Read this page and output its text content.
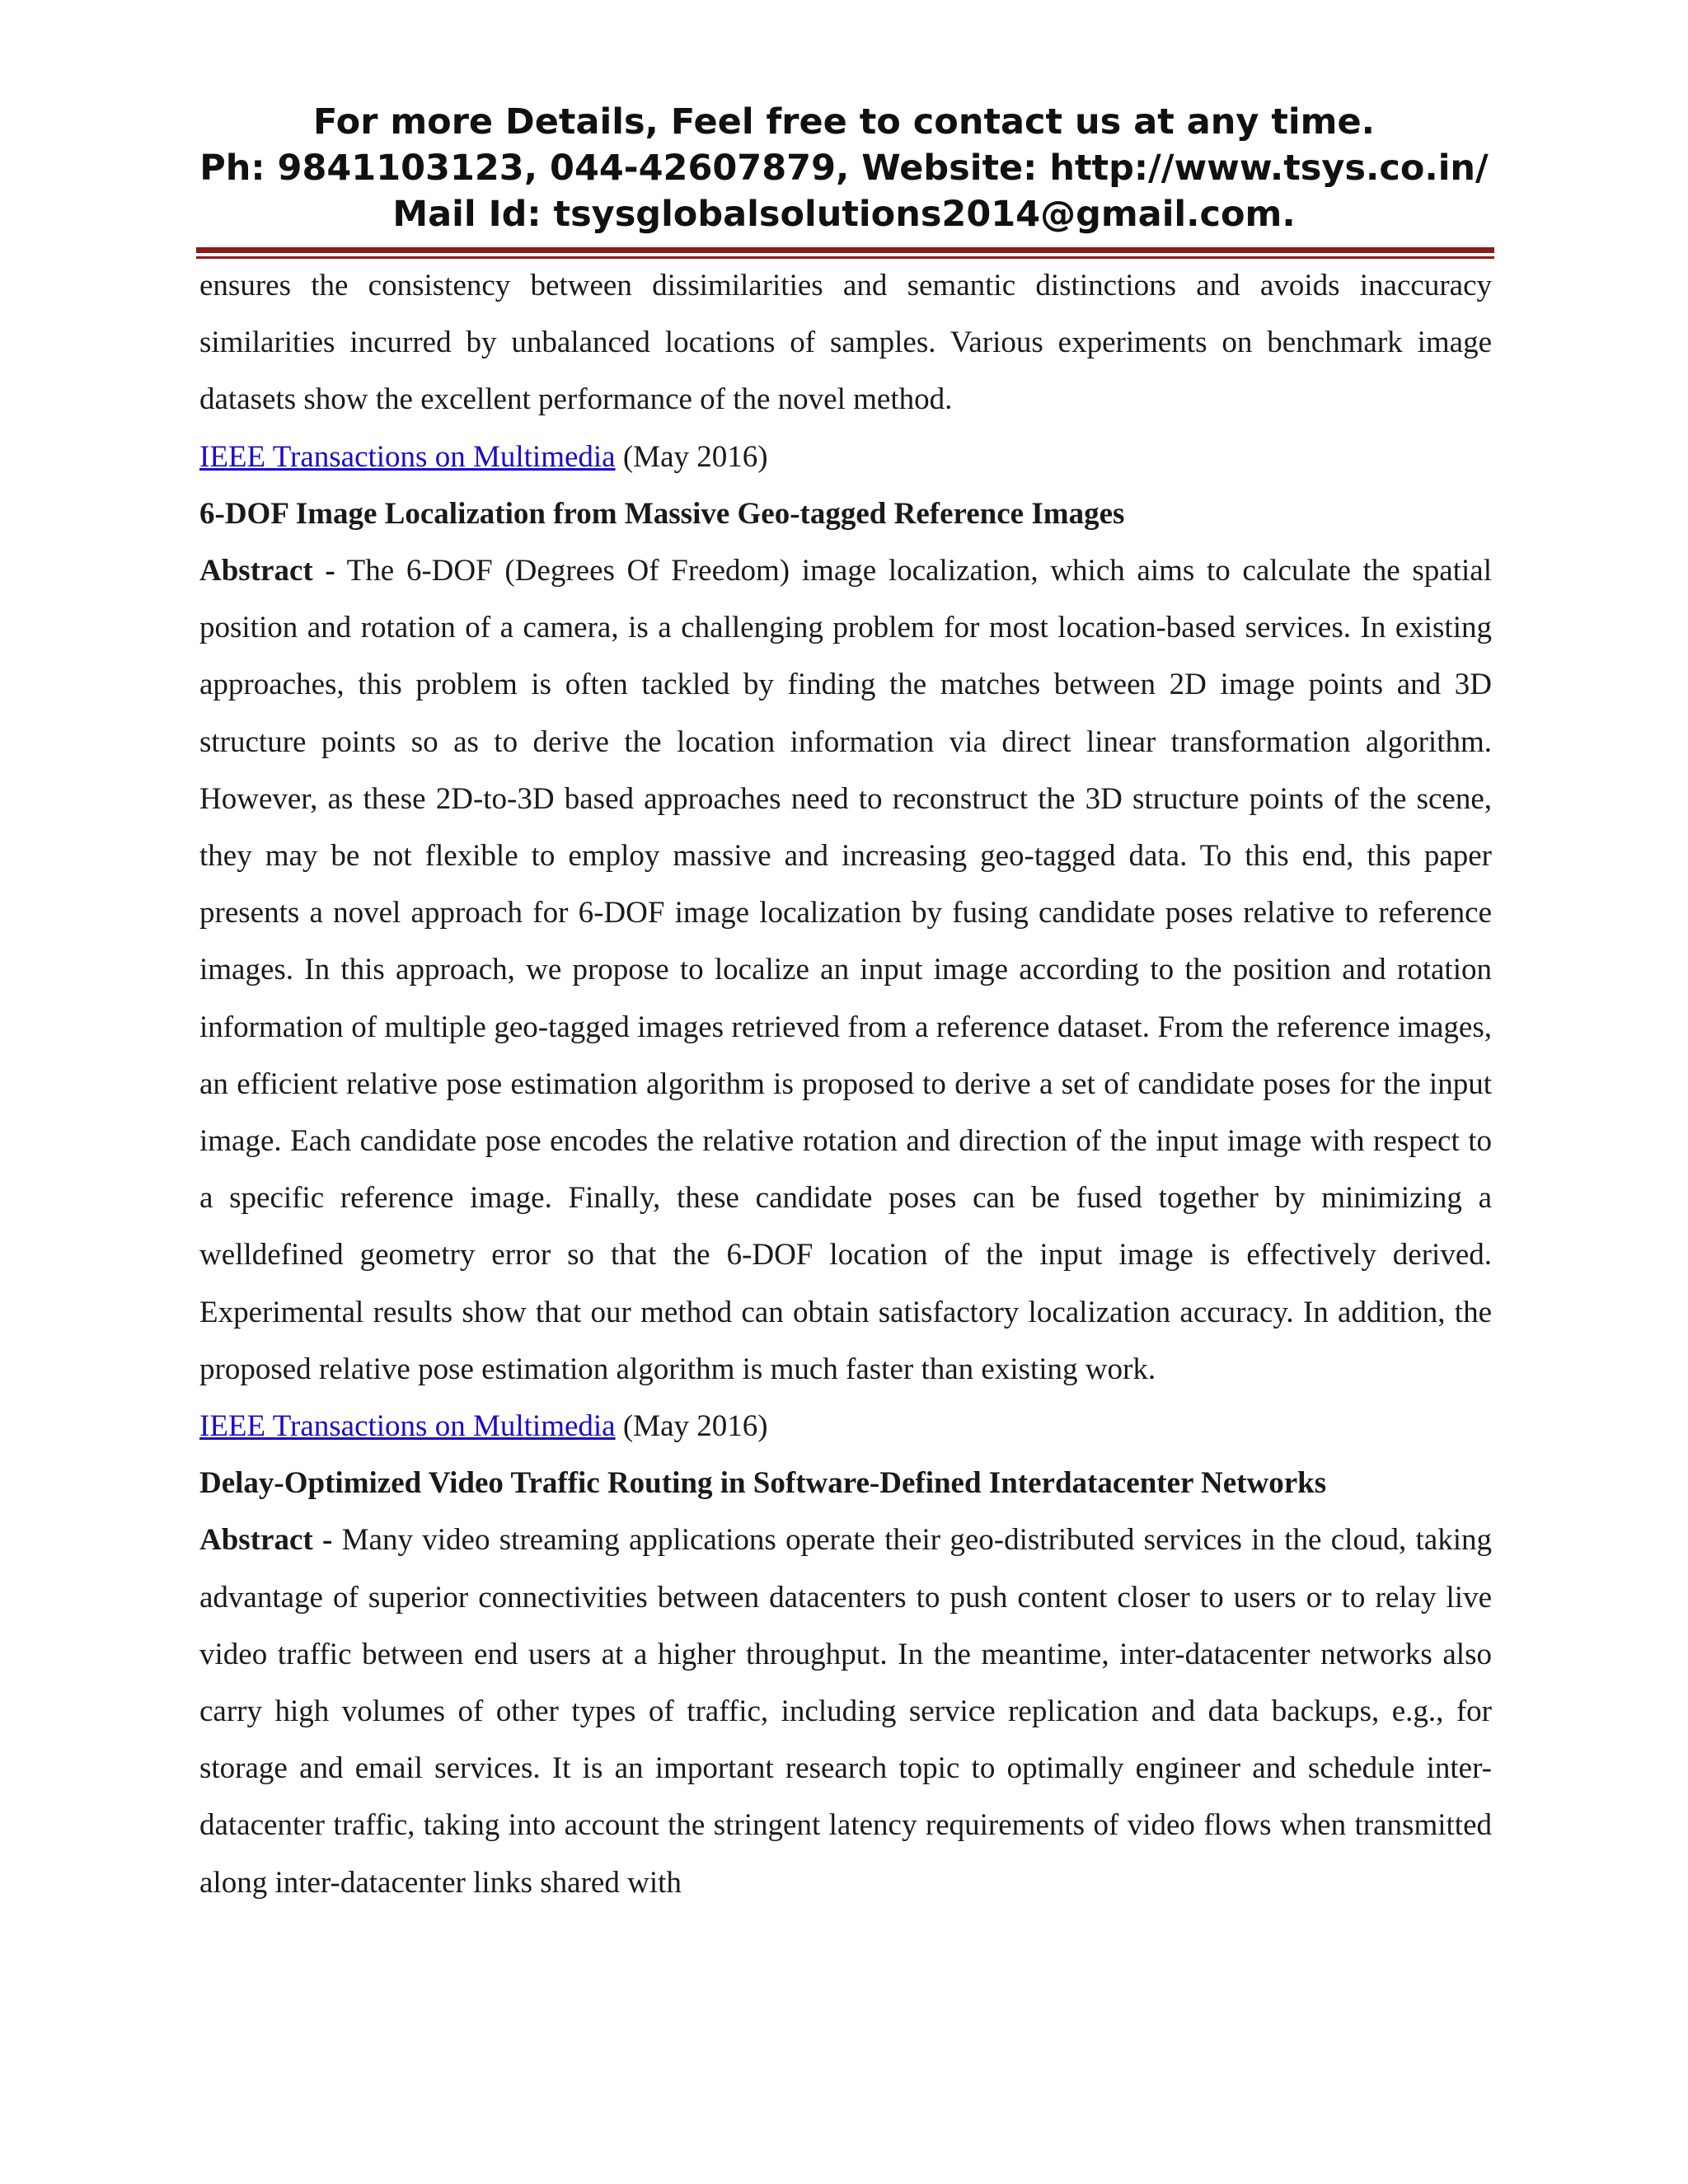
For more Details, Feel free to contact us at any time.
Ph: 9841103123, 044-42607879, Website: http://www.tsys.co.in/
Mail Id: tsysglobalsolutions2014@gmail.com.

ensures the consistency between dissimilarities and semantic distinctions and avoids inaccuracy similarities incurred by unbalanced locations of samples. Various experiments on benchmark image datasets show the excellent performance of the novel method.

IEEE Transactions on Multimedia (May 2016)

6-DOF Image Localization from Massive Geo-tagged Reference Images

Abstract - The 6-DOF (Degrees Of Freedom) image localization, which aims to calculate the spatial position and rotation of a camera, is a challenging problem for most location-based services. In existing approaches, this problem is often tackled by finding the matches between 2D image points and 3D structure points so as to derive the location information via direct linear transformation algorithm. However, as these 2D-to-3D based approaches need to reconstruct the 3D structure points of the scene, they may be not flexible to employ massive and increasing geo-tagged data. To this end, this paper presents a novel approach for 6-DOF image localization by fusing candidate poses relative to reference images. In this approach, we propose to localize an input image according to the position and rotation information of multiple geo-tagged images retrieved from a reference dataset. From the reference images, an efficient relative pose estimation algorithm is proposed to derive a set of candidate poses for the input image. Each candidate pose encodes the relative rotation and direction of the input image with respect to a specific reference image. Finally, these candidate poses can be fused together by minimizing a welldefined geometry error so that the 6-DOF location of the input image is effectively derived. Experimental results show that our method can obtain satisfactory localization accuracy. In addition, the proposed relative pose estimation algorithm is much faster than existing work.

IEEE Transactions on Multimedia (May 2016)

Delay-Optimized Video Traffic Routing in Software-Defined Interdatacenter Networks

Abstract - Many video streaming applications operate their geo-distributed services in the cloud, taking advantage of superior connectivities between datacenters to push content closer to users or to relay live video traffic between end users at a higher throughput. In the meantime, inter-datacenter networks also carry high volumes of other types of traffic, including service replication and data backups, e.g., for storage and email services. It is an important research topic to optimally engineer and schedule inter-datacenter traffic, taking into account the stringent latency requirements of video flows when transmitted along inter-datacenter links shared with
